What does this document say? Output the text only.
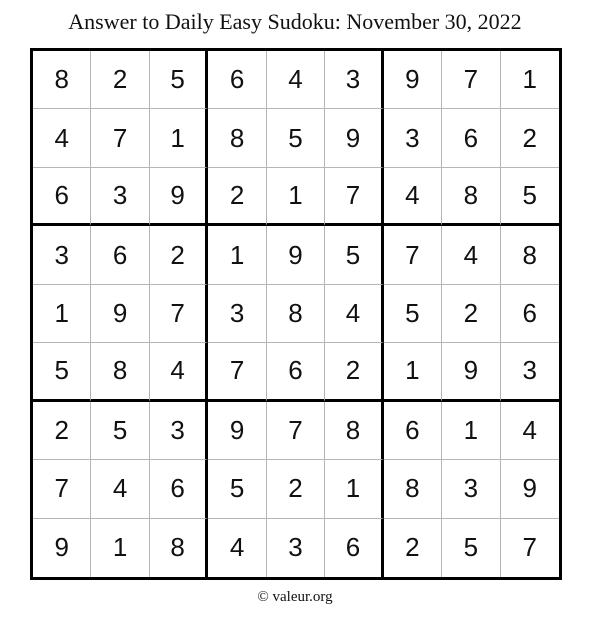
Answer to Daily Easy Sudoku: November 30, 2022
8	2	5	6	4	3	9	7	1
4	7	1	8	5	9	3	6	2
6	3	9	2	1	7	4	8	5
3	6	2	1	9	5	7	4	8
1	9	7	3	8	4	5	2	6
5	8	4	7	6	2	1	9	3
2	5	3	9	7	8	6	1	4
7	4	6	5	2	1	8	3	9
9	1	8	4	3	6	2	5	7
© valeur.org
